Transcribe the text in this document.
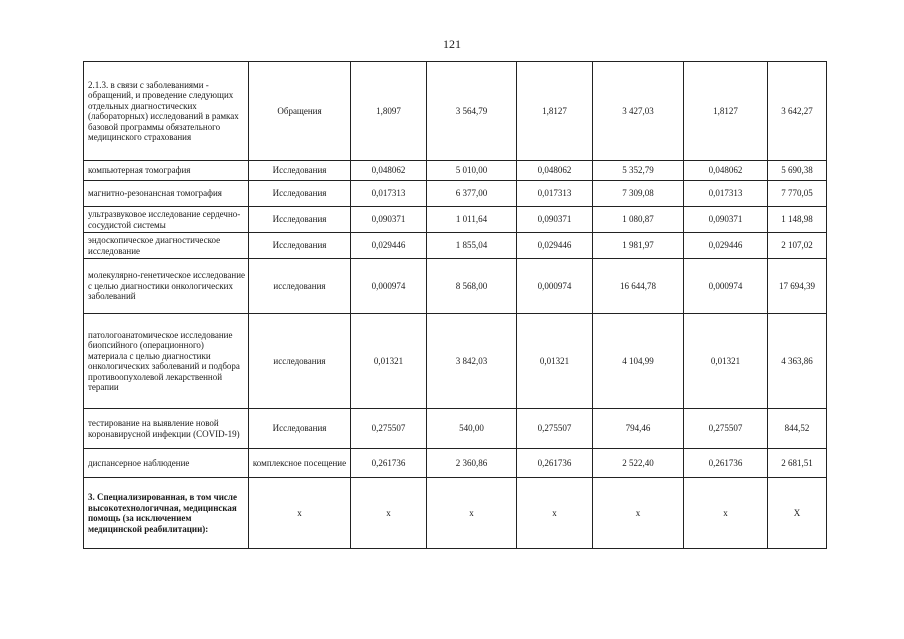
121
2.1.3. в связи с заболеваниями - обращений, и проведение следующих отдельных диагностических (лабораторных) исследований в рамках базовой программы обязательного медицинского страхования	Обращения	1,8097	3 564,79	1,8127	3 427,03	1,8127	3 642,27
компьютерная томография	Исследования	0,048062	5 010,00	0,048062	5 352,79	0,048062	5 690,38
магнитно-резонансная томография	Исследования	0,017313	6 377,00	0,017313	7 309,08	0,017313	7 770,05
ультразвуковое исследование сердечно-сосудистой системы	Исследования	0,090371	1 011,64	0,090371	1 080,87	0,090371	1 148,98
эндоскопическое диагностическое исследование	Исследования	0,029446	1 855,04	0,029446	1 981,97	0,029446	2 107,02
молекулярно-генетическое исследование с целью диагностики онкологических заболеваний	исследования	0,000974	8 568,00	0,000974	16 644,78	0,000974	17 694,39
патологоанатомическое исследование биопсийного (операционного) материала с целью диагностики онкологических заболеваний и подбора противоопухолевой лекарственной терапии	исследования	0,01321	3 842,03	0,01321	4 104,99	0,01321	4 363,86
тестирование на выявление новой коронавирусной инфекции (COVID-19)	Исследования	0,275507	540,00	0,275507	794,46	0,275507	844,52
диспансерное наблюдение	комплексное посещение	0,261736	2 360,86	0,261736	2 522,40	0,261736	2 681,51
3. Специализированная, в том числе высокотехнологичная, медицинская помощь (за исключением медицинской реабилитации):	х	х	х	х	х	х	Х
